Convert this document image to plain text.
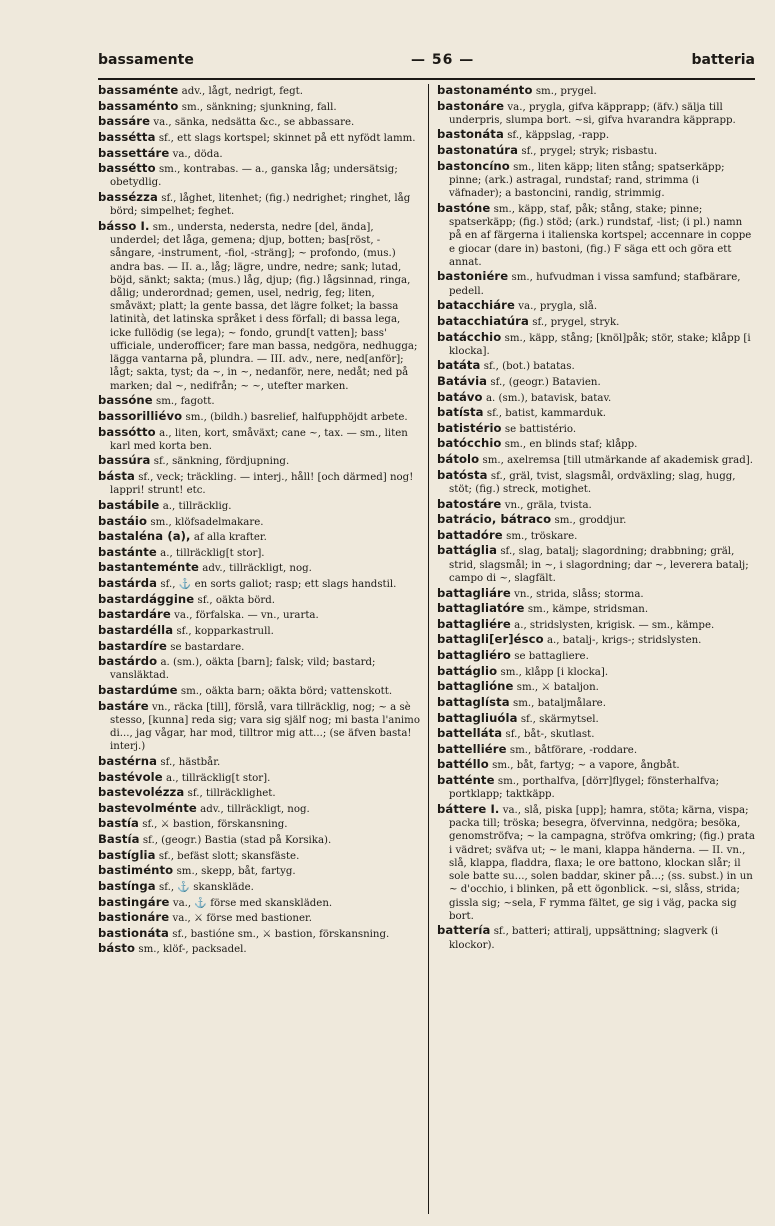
bassamente	— 56 —	batteria
bassaménte adv., lågt, nedrigt, fegt.
bassaménto sm., sänkning; sjunkning, fall.
bassáre va., sänka, nedsätta &c., se abbassare.
bassétta sf., ett slags kortspel; skinnet på ett nyfödt lamm.
bassettáre va., döda.
bassétto sm., kontrabas. — a., ganska låg; undersätsig; obetydlig.
bassézza sf., låghet, litenhet; (fig.) nedrighet; ringhet, låg börd; simpelhet; feghet.
bássо I. sm., understa, nedersta, nedre [del, ända], underdel; det låga, gemena; djup, botten; bas[röst, -sångare, -instrument, -fiol, -sträng]; ~ profondo, (mus.) andra bas. — II. a., låg; lägre, undre, nedre; sank; lutad, böjd, sänkt; sakta; (mus.) låg, djup; (fig.) lågsinnad, ringa, dålig; underordnad; gemen, usel, nedrig, feg; liten, småväxt; platt; la gente bassa, det lägre folket; la bassa latinità, det latinska språket i dess förfall; di bassa lega, icke fullödig (se lega); ~ fondo, grund[t vatten]; bass' ufficiale, underofficer; fare man bassa, nedgöra, nedhugga; lägga vantarna på, plundra. — III. adv., nere, ned[anför]; lågt; sakta, tyst; da ~, in ~, nedanför, nere, nedåt; ned på marken; dal ~, nedifrån; ~ ~, utefter marken.
bassóne sm., fagott.
bassorilliévo sm., (bildh.) basrelief, halfupphöjdt arbete.
bassótto a., liten, kort, småväxt; cane ~, tax. — sm., liten karl med korta ben.
bassúra sf., sänkning, fördjupning.
básta sf., veck; träckling. — interj., håll! [och därmed] nog! lappri! strunt! etc.
bastábile a., tillräcklig.
bastáio sm., klöfsadelmakare.
bastaléna (a), af alla krafter.
bastánte a., tillräcklig[t stor].
bastanteménte adv., tillräckligt, nog.
bastárda sf., ⚓ en sorts galiot; rasp; ett slags handstil.
bastardággine sf., oäkta börd.
bastardáre va., förfalska. — vn., urarta.
bastardélla sf., kopparkastrull.
bastardíre se bastardare.
bastárdo a. (sm.), oäkta [barn]; falsk; vild; bastard; vansläktad.
bastardúme sm., oäkta barn; oäkta börd; vattenskott.
bastáre vn., räcka [till], förslå, vara tillräcklig, nog; ~ a sè stesso, [kunna] reda sig; vara sig själf nog; mi basta l'animo di..., jag vågar, har mod, tilltror mig att...; (se äfven basta! interj.)
bastérna sf., hästbår.
bastévole a., tillräcklig[t stor].
bastevolézza sf., tillräcklighet.
bastevolménte adv., tillräckligt, nog.
bastía sf., ⚔ bastion, förskansning.
Bastía sf., (geogr.) Bastia (stad på Korsika).
bastíglia sf., befäst slott; skansfäste.
bastiménto sm., skepp, båt, fartyg.
bastínga sf., ⚓ skanskläde.
bastingáre va., ⚓ förse med skanskläden.
bastionáre va., ⚔ förse med bastioner.
bastionáta sf., bastióne sm., ⚔ bastion, förskansning.
básto sm., klöf-, packsadel.
bastonaménto sm., prygel.
bastonáre va., prygla, gifva käpprapp; (äfv.) sälja till underpris, slumpa bort. ~si, gifva hvarandra käpprapp.
bastonáta sf., käppslag, -rapp.
bastonatúra sf., prygel; stryk; risbastu.
bastoncíno sm., liten käpp; liten stång; spatserkäpp; pinne; (ark.) astragal, rundstaf; rand, strimma (i väfnader); a bastoncini, randig, strimmig.
bastóne sm., käpp, staf, påk; stång, stake; pinne; spatserkäpp; (fig.) stöd; (ark.) rundstaf, -list; (i pl.) namn på en af färgerna i italienska kortspel; accennare in coppe e giocar (dare in) bastoni, (fig.) F säga ett och göra ett annat.
bastoniére sm., hufvudman i vissa samfund; stafbärare, pedell.
batacchiáre va., prygla, slå.
batacchiatúra sf., prygel, stryk.
batácchio sm., käpp, stång; [knöl]påk; stör, stake; klåpp [i klocka].
batáta sf., (bot.) batatas.
Batávia sf., (geogr.) Batavien.
batávo a. (sm.), batavisk, batav.
batísta sf., batist, kammarduk.
batistério se battistério.
batócchio sm., en blinds staf; klåpp.
bátolo sm., axelremsa [till utmärkande af akademisk grad].
batósta sf., gräl, tvist, slagsmål, ordväxling; slag, hugg, stöt; (fig.) streck, motighet.
batostáre vn., gräla, tvista.
batrácio, bátraco sm., groddjur.
battadóre sm., tröskare.
battáglia sf., slag, batalj; slagordning; drabbning; gräl, strid, slagsmål; in ~, i slagordning; dar ~, leverera batalj; campo di ~, slagfält.
battagliáre vn., strida, slåss; storma.
battagliatóre sm., kämpe, stridsman.
battagliére a., stridslysten, krigisk. — sm., kämpe.
battagli[er]ésco a., batalj-, krigs-; stridslysten.
battagliéro se battagliere.
battáglio sm., klåpp [i klocka].
battaglióne sm., ⚔ bataljon.
battaglísta sm., bataljmålare.
battagliuóla sf., skärmytsel.
battelláta sf., båt-, skutlast.
battelliére sm., båtförare, -roddare.
battéllo sm., båt, fartyg; ~ a vapore, ångbåt.
batténte sm., porthalfva, [dörr]flygel; fönsterhalfva; portklapp; taktkäpp.
báttere I. va., slå, piska [upp]; hamra, stöta; kärna, vispa; packa till; tröska; besegra, öfvervinna, nedgöra; besöka, genomströfva; ~ la campagna, ströfva omkring; (fig.) prata i vädret; sväfva ut; ~ le mani, klappa händerna. — II. vn., slå, klappa, fladdra, flaxa; le ore battono, klockan slår; il sole batte su..., solen baddar, skiner på...; (ss. subst.) in un ~ d'occhio, i blinken, på ett ögonblick. ~si, slåss, strida; gissla sig; ~sela, F rymma fältet, ge sig i väg, packa sig bort.
batteríа sf., batteri; attiralj, uppsättning; slagverk (i klockor).
